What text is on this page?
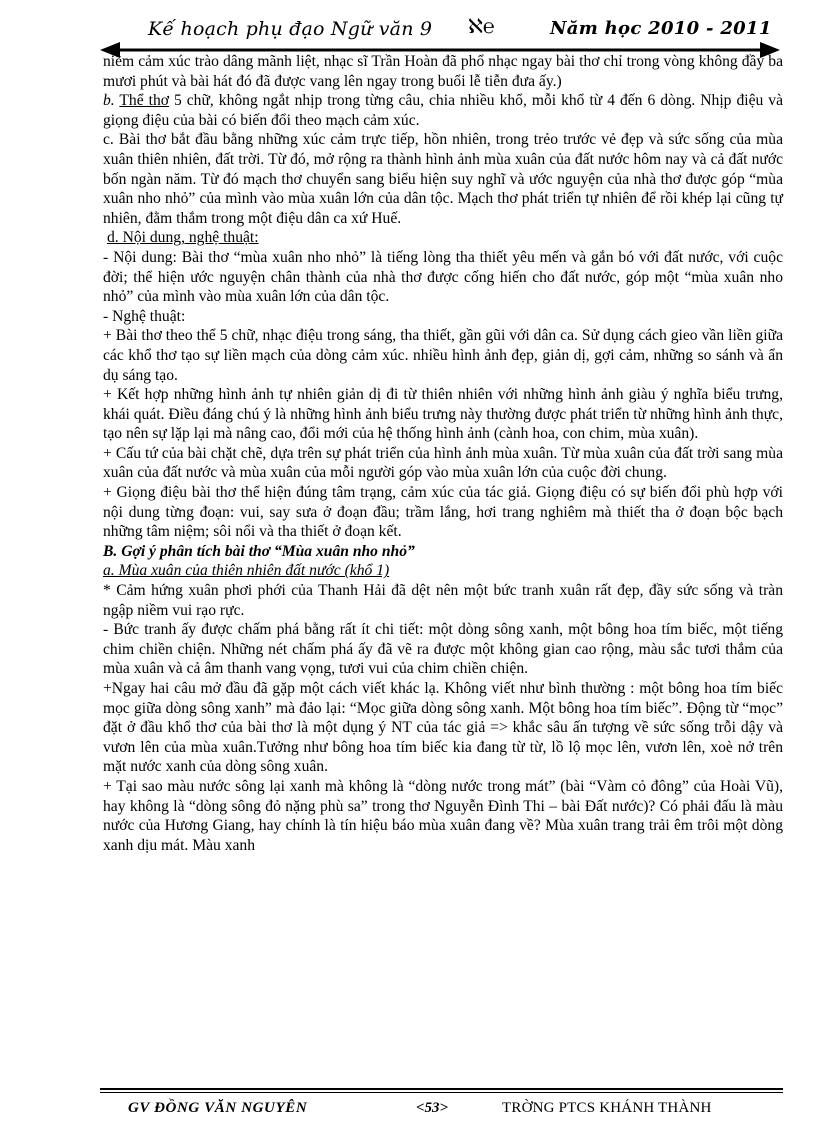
Kế hoạch phụ đạo Ngữ văn 9 ℵ℮	Năm học 2010 - 2011

niềm cảm xúc trào dâng mãnh liệt, nhạc sĩ Trần Hoàn đã phổ nhạc ngay bài thơ chỉ trong vòng không đầy ba mươi phút và bài hát đó đã được vang lên ngay trong buổi lễ tiễn đưa ấy.)

b. Thể thơ 5 chữ, không ngắt nhịp trong từng câu, chia nhiều khổ, mỗi khổ từ 4 đến 6 dòng. Nhịp điệu và giọng điệu của bài có biến đổi theo mạch cảm xúc.

c. Bài thơ bắt đầu bằng những xúc cảm trực tiếp, hồn nhiên, trong trẻo trước vẻ đẹp và sức sống của mùa xuân thiên nhiên, đất trời. Từ đó, mở rộng ra thành hình ảnh mùa xuân của đất nước hôm nay và cả đất nước bốn ngàn năm. Từ đó mạch thơ chuyển sang biểu hiện suy nghĩ và ước nguyện của nhà thơ được góp “mùa xuân nho nhỏ” của mình vào mùa xuân lớn của dân tộc. Mạch thơ phát triển tự nhiên để rồi khép lại cũng tự nhiên, đằm thắm trong một điệu dân ca xứ Huế.

d. Nội dung, nghệ thuật:

- Nội dung: Bài thơ “mùa xuân nho nhỏ” là tiếng lòng tha thiết yêu mến và gắn bó với đất nước, với cuộc đời; thể hiện ước nguyện chân thành của nhà thơ được cống hiến cho đất nước, góp một “mùa xuân nho nhỏ” của mình vào mùa xuân lớn của dân tộc.

- Nghệ thuật:

+ Bài thơ theo thể 5 chữ, nhạc điệu trong sáng, tha thiết, gần gũi với dân ca. Sử dụng cách gieo vần liền giữa các khổ thơ tạo sự liền mạch của dòng cảm xúc. nhiều hình ảnh đẹp, giản dị, gợi cảm, những so sánh và ẩn dụ sáng tạo.

+ Kết hợp những hình ảnh tự nhiên giản dị đi từ thiên nhiên với những hình ảnh giàu ý nghĩa biểu trưng, khái quát. Điều đáng chú ý là những hình ảnh biểu trưng này thường được phát triển từ những hình ảnh thực, tạo nên sự lặp lại mà nâng cao, đổi mới của hệ thống hình ảnh (cành hoa, con chim, mùa xuân).

+ Cấu tứ của bài chặt chẽ, dựa trên sự phát triển của hình ảnh mùa xuân. Từ mùa xuân của đất trời sang mùa xuân của đất nước và mùa xuân của mỗi người góp vào mùa xuân lớn của cuộc đời chung.

+ Giọng điệu bài thơ thể hiện đúng tâm trạng, cảm xúc của tác giả. Giọng điệu có sự biến đổi phù hợp với nội dung từng đoạn: vui, say sưa ở đoạn đầu; trầm lắng, hơi trang nghiêm mà thiết tha ở đoạn bộc bạch những tâm niệm; sôi nổi và tha thiết ở đoạn kết.

B. Gợi ý phân tích bài thơ “Mùa xuân nho nhỏ”

a. Mùa xuân của thiên nhiên đất nước (khổ 1)

* Cảm hứng xuân phơi phới của Thanh Hải đã dệt nên một bức tranh xuân rất đẹp, đầy sức sống và tràn ngập niềm vui rạo rực.

- Bức tranh ấy được chấm phá bằng rất ít chi tiết: một dòng sông xanh, một bông hoa tím biếc, một tiếng chim chiền chiện. Những nét chấm phá ấy đã vẽ ra được một không gian cao rộng, màu sắc tươi thắm của mùa xuân và cả âm thanh vang vọng, tươi vui của chim chiền chiện.

+Ngay hai câu mở đầu đã gặp một cách viết khác lạ. Không viết như bình thường : một bông hoa tím biếc mọc giữa dòng sông xanh” mà đảo lại: “Mọc giữa dòng sông xanh. Một bông hoa tím biếc”. Động từ “mọc” đặt ở đầu khổ thơ của bài thơ là một dụng ý NT của tác giả => khắc sâu ấn tượng về sức sống trỗi dậy và vươn lên của mùa xuân.Tưởng như bông hoa tím biếc kia đang từ từ, lồ lộ mọc lên, vươn lên, xoè nở trên mặt nước xanh của dòng sông xuân.

+ Tại sao màu nước sông lại xanh mà không là “dòng nước trong mát” (bài “Vàm cỏ đông” của Hoài Vũ), hay không là “dòng sông đỏ nặng phù sa” trong thơ Nguyễn Đình Thi – bài Đất nước)? Có phải đấu là màu nước của Hương Giang, hay chính là tín hiệu báo mùa xuân đang về? Mùa xuân trang trải êm trôi một dòng xanh dịu mát. Màu xanh

GV ĐỒNG VĂN NGUYÊN	<53>	TRỜNG PTCS KHÁNH THÀNH
